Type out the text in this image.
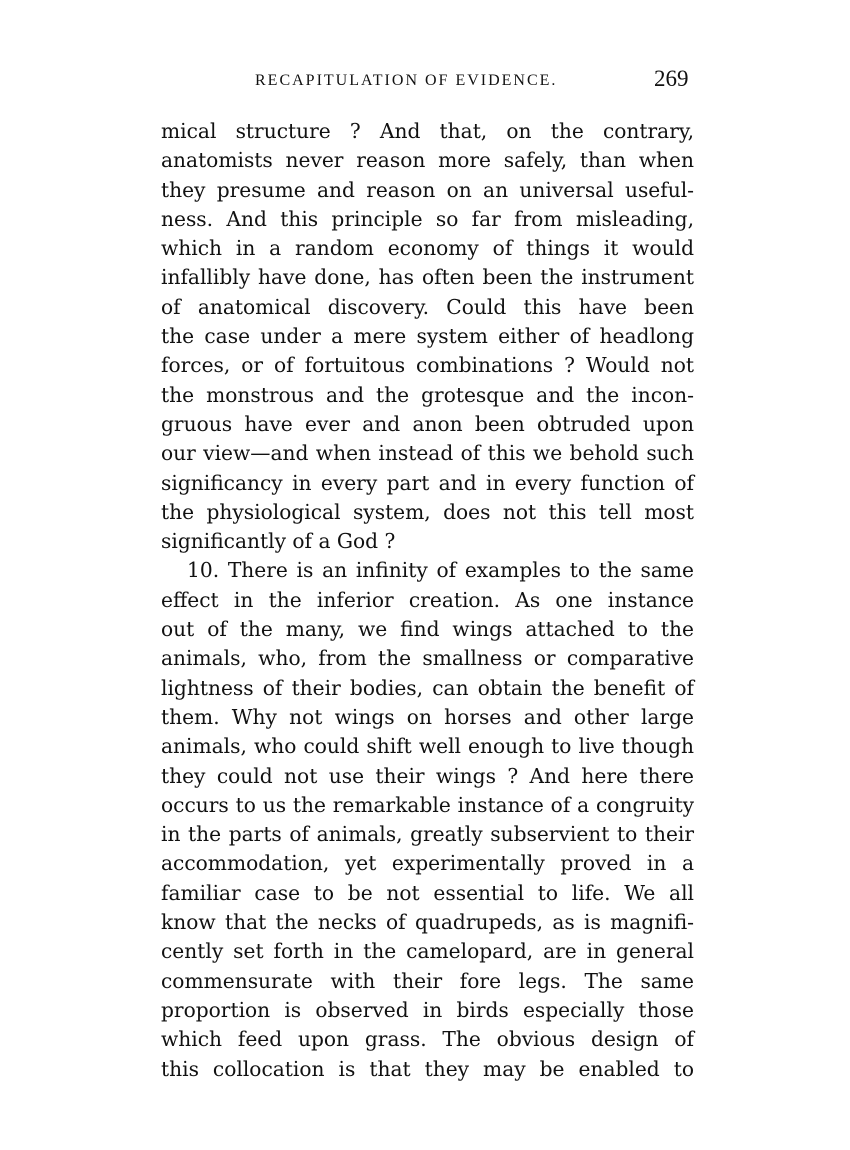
RECAPITULATION OF EVIDENCE.	269
mical structure ? And that, on the contrary,
anatomists never reason more safely, than when
they presume and reason on an universal useful-
ness. And this principle so far from misleading,
which in a random economy of things it would
infallibly have done, has often been the instrument
of anatomical discovery. Could this have been
the case under a mere system either of headlong
forces, or of fortuitous combinations ? Would not
the monstrous and the grotesque and the incon-
gruous have ever and anon been obtruded upon
our view—and when instead of this we behold such
significancy in every part and in every function of
the physiological system, does not this tell most
significantly of a God ?
10. There is an infinity of examples to the same
effect in the inferior creation. As one instance
out of the many, we find wings attached to the
animals, who, from the smallness or comparative
lightness of their bodies, can obtain the benefit of
them. Why not wings on horses and other large
animals, who could shift well enough to live though
they could not use their wings ? And here there
occurs to us the remarkable instance of a congruity
in the parts of animals, greatly subservient to their
accommodation, yet experimentally proved in a
familiar case to be not essential to life. We all
know that the necks of quadrupeds, as is magnifi-
cently set forth in the camelopard, are in general
commensurate with their fore legs. The same
proportion is observed in birds especially those
which feed upon grass. The obvious design of
this collocation is that they may be enabled to
